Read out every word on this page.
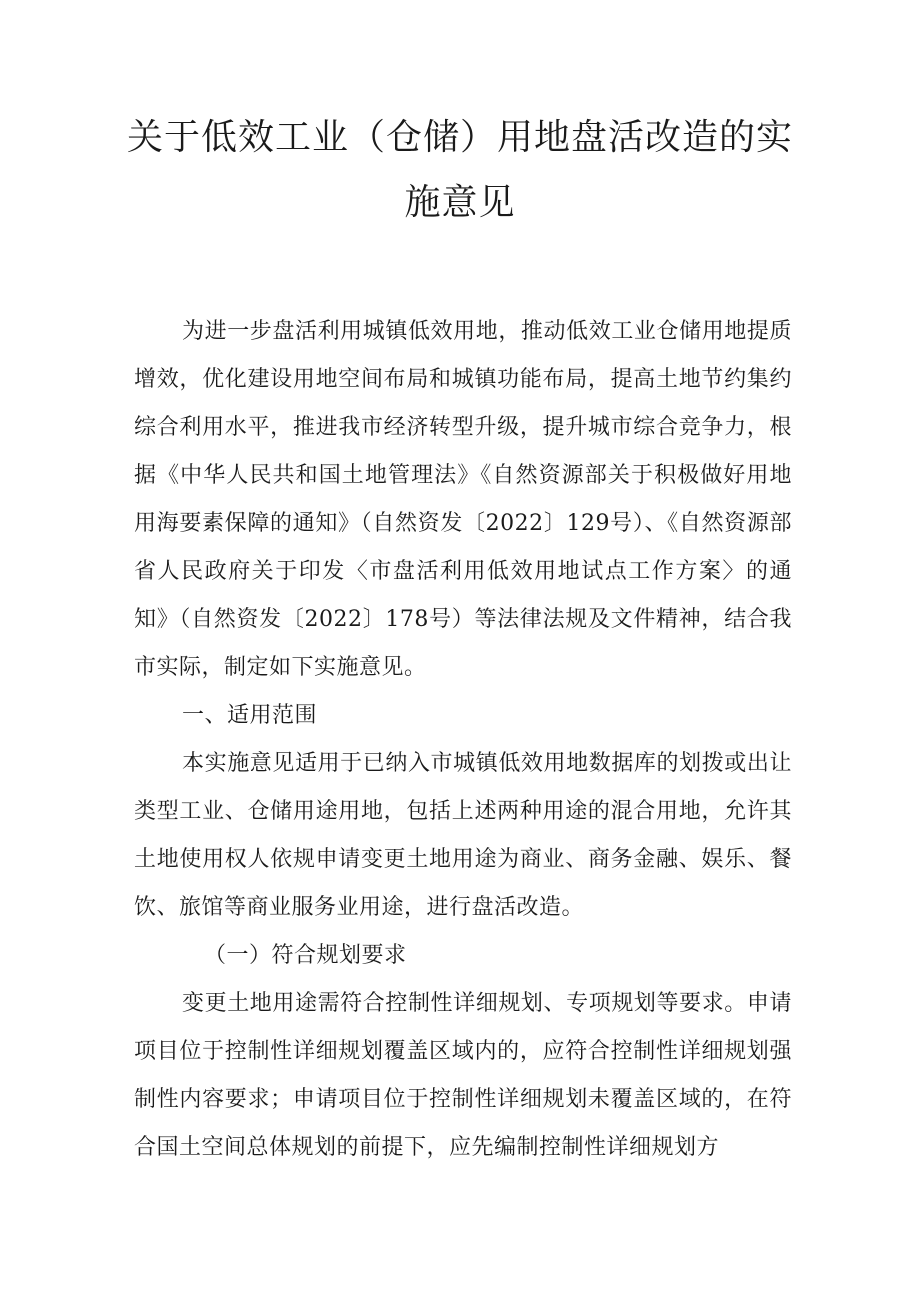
关于低效工业（仓储）用地盘活改造的实
施意见

为进一步盘活利用城镇低效用地，推动低效工业仓储用地提质增效，优化建设用地空间布局和城镇功能布局，提高土地节约集约综合利用水平，推进我市经济转型升级，提升城市综合竞争力，根据《中华人民共和国土地管理法》《自然资源部关于积极做好用地用海要素保障的通知》（自然资发〔2022〕129号）、《自然资源部省人民政府关于印发〈市盘活利用低效用地试点工作方案〉的通知》（自然资发〔2022〕178号）等法律法规及文件精神，结合我市实际，制定如下实施意见。

一、适用范围

本实施意见适用于已纳入市城镇低效用地数据库的划拨或出让类型工业、仓储用途用地，包括上述两种用途的混合用地，允许其土地使用权人依规申请变更土地用途为商业、商务金融、娱乐、餐饮、旅馆等商业服务业用途，进行盘活改造。

（一）符合规划要求

变更土地用途需符合控制性详细规划、专项规划等要求。申请项目位于控制性详细规划覆盖区域内的，应符合控制性详细规划强制性内容要求；申请项目位于控制性详细规划未覆盖区域的，在符合国土空间总体规划的前提下，应先编制控制性详细规划方
